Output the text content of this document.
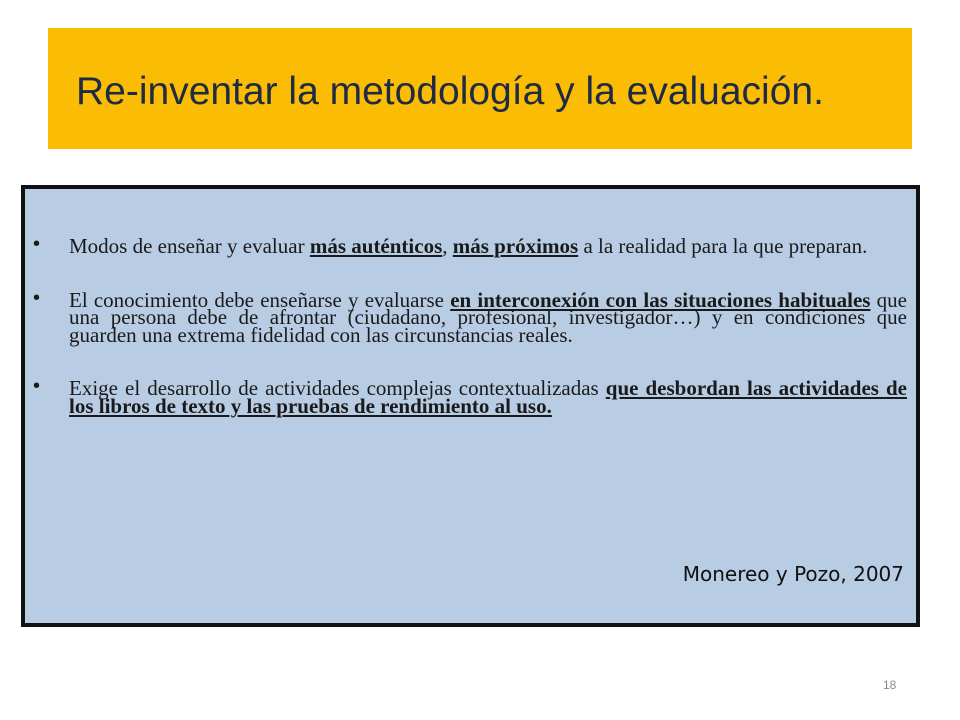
Re-inventar la metodología y la evaluación.
• Modos de enseñar y evaluar más auténticos, más próximos a la realidad para la que preparan.
• El conocimiento debe enseñarse y evaluarse en interconexión con las situaciones habituales que una persona debe de afrontar (ciudadano, profesional, investigador…) y en condiciones que guarden una extrema fidelidad con las circunstancias reales.
• Exige el desarrollo de actividades complejas contextualizadas que desbordan las actividades de los libros de texto y las pruebas de rendimiento al uso.

Monereo y Pozo, 2007

18
